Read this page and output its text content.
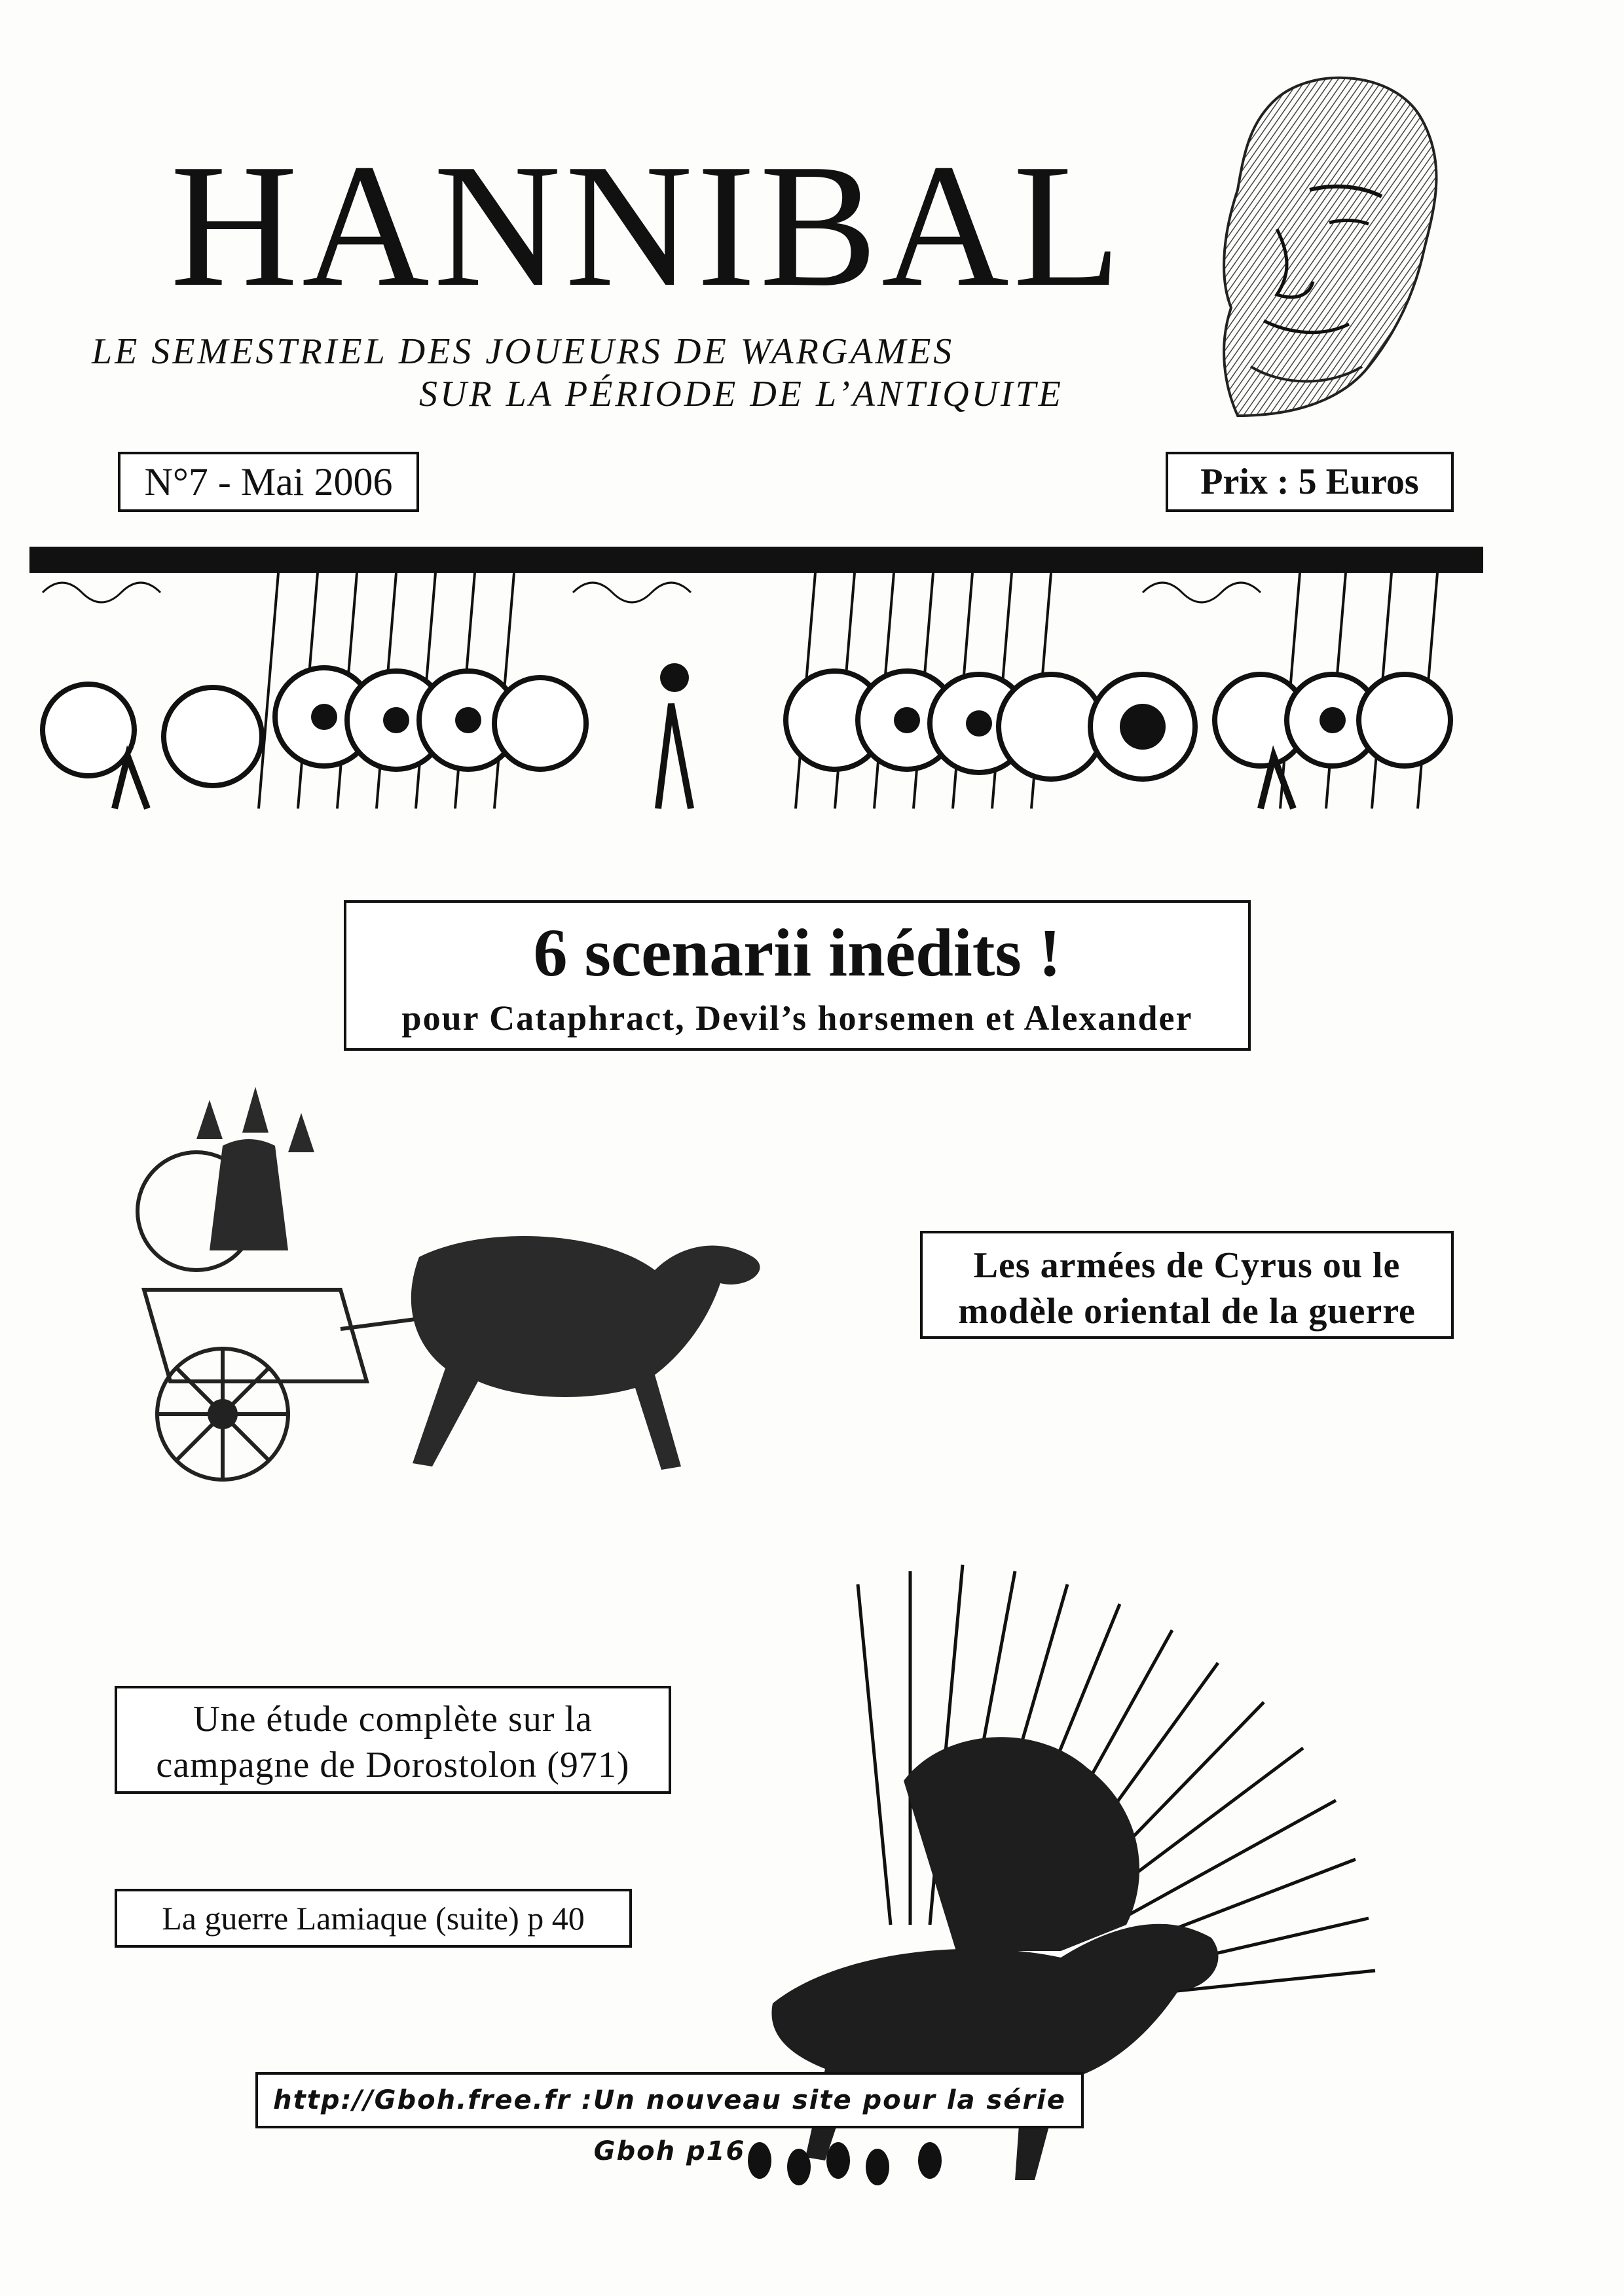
HANNIBAL
LE SEMESTRIEL DES JOUEURS DE WARGAMES
SUR LA PÉRIODE DE L’ANTIQUITE
N°7 - Mai 2006	Prix : 5 Euros
6 scenarii inédits !
pour Cataphract, Devil’s horsemen et Alexander
Les armées de Cyrus ou le
modèle oriental de la guerre
Une étude complète sur la
campagne de Dorostolon (971)
La guerre Lamiaque (suite) p 40
http://Gboh.free.fr :Un nouveau site pour la série Gboh p16
